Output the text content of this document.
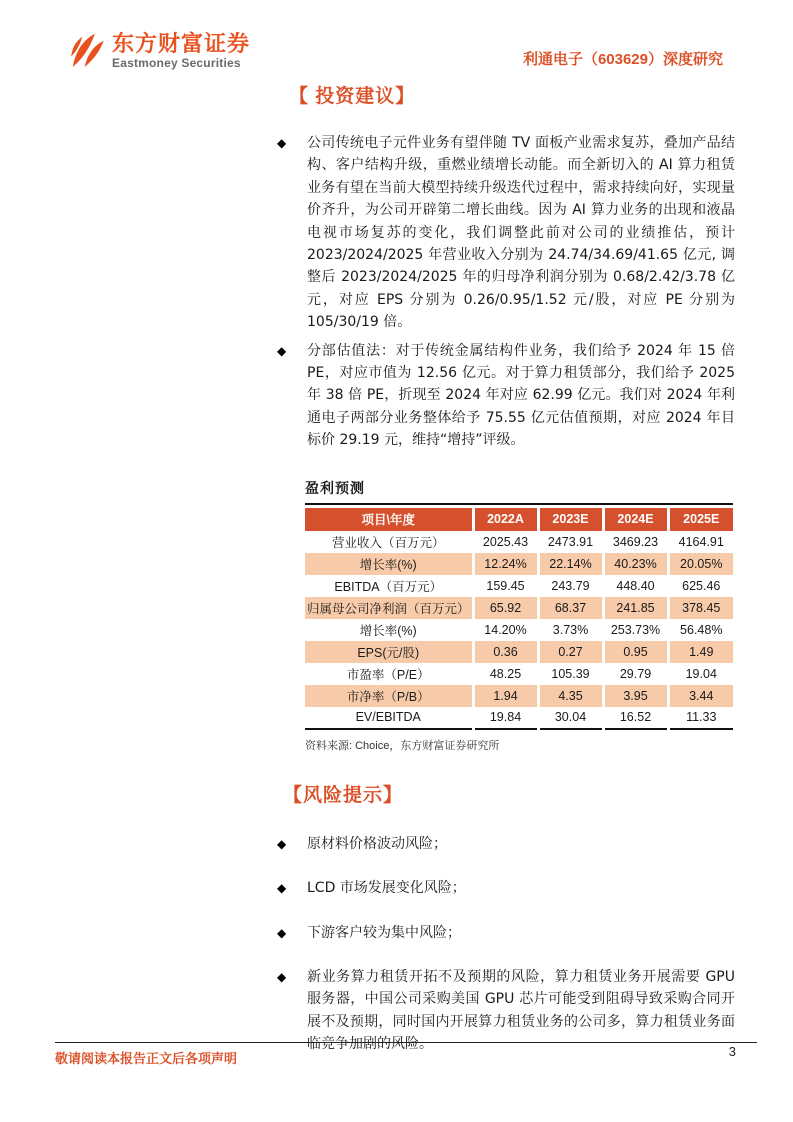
东方财富证券
Eastmoney Securities	利通电子（603629）深度研究
【 投资建议】
◆	公司传统电子元件业务有望伴随 TV 面板产业需求复苏，叠加产品结构、客户结构升级，重燃业绩增长动能。而全新切入的 AI 算力租赁业务有望在当前大模型持续升级迭代过程中，需求持续向好，实现量价齐升，为公司开辟第二增长曲线。因为 AI 算力业务的出现和液晶电视市场复苏的变化，我们调整此前对公司的业绩推估，预计 2023/2024/2025 年营业收入分别为 24.74/34.69/41.65 亿元, 调整后 2023/2024/2025 年的归母净利润分别为 0.68/2.42/3.78 亿元，对应 EPS 分别为 0.26/0.95/1.52 元/股，对应 PE 分别为 105/30/19 倍。
◆	分部估值法：对于传统金属结构件业务，我们给予 2024 年 15 倍 PE，对应市值为 12.56 亿元。对于算力租赁部分，我们给予 2025 年 38 倍 PE，折现至 2024 年对应 62.99 亿元。我们对 2024 年利通电子两部分业务整体给予 75.55 亿元估值预期，对应 2024 年目标价 29.19 元，维持“增持”评级。
盈利预测
项目\年度	2022A	2023E	2024E	2025E
营业收入（百万元）	2025.43	2473.91	3469.23	4164.91
增长率(%)	12.24%	22.14%	40.23%	20.05%
EBITDA（百万元）	159.45	243.79	448.40	625.46
归属母公司净利润（百万元）	65.92	68.37	241.85	378.45
增长率(%)	14.20%	3.73%	253.73%	56.48%
EPS(元/股)	0.36	0.27	0.95	1.49
市盈率（P/E）	48.25	105.39	29.79	19.04
市净率（P/B）	1.94	4.35	3.95	3.44
EV/EBITDA	19.84	30.04	16.52	11.33
资料来源: Choice，东方财富证券研究所
【风险提示】
◆	原材料价格波动风险；
◆	LCD 市场发展变化风险；
◆	下游客户较为集中风险；
◆	新业务算力租赁开拓不及预期的风险，算力租赁业务开展需要 GPU 服务器，中国公司采购美国 GPU 芯片可能受到阻碍导致采购合同开展不及预期，同时国内开展算力租赁业务的公司多，算力租赁业务面临竞争加剧的风险。
敬请阅读本报告正文后各项声明	3
